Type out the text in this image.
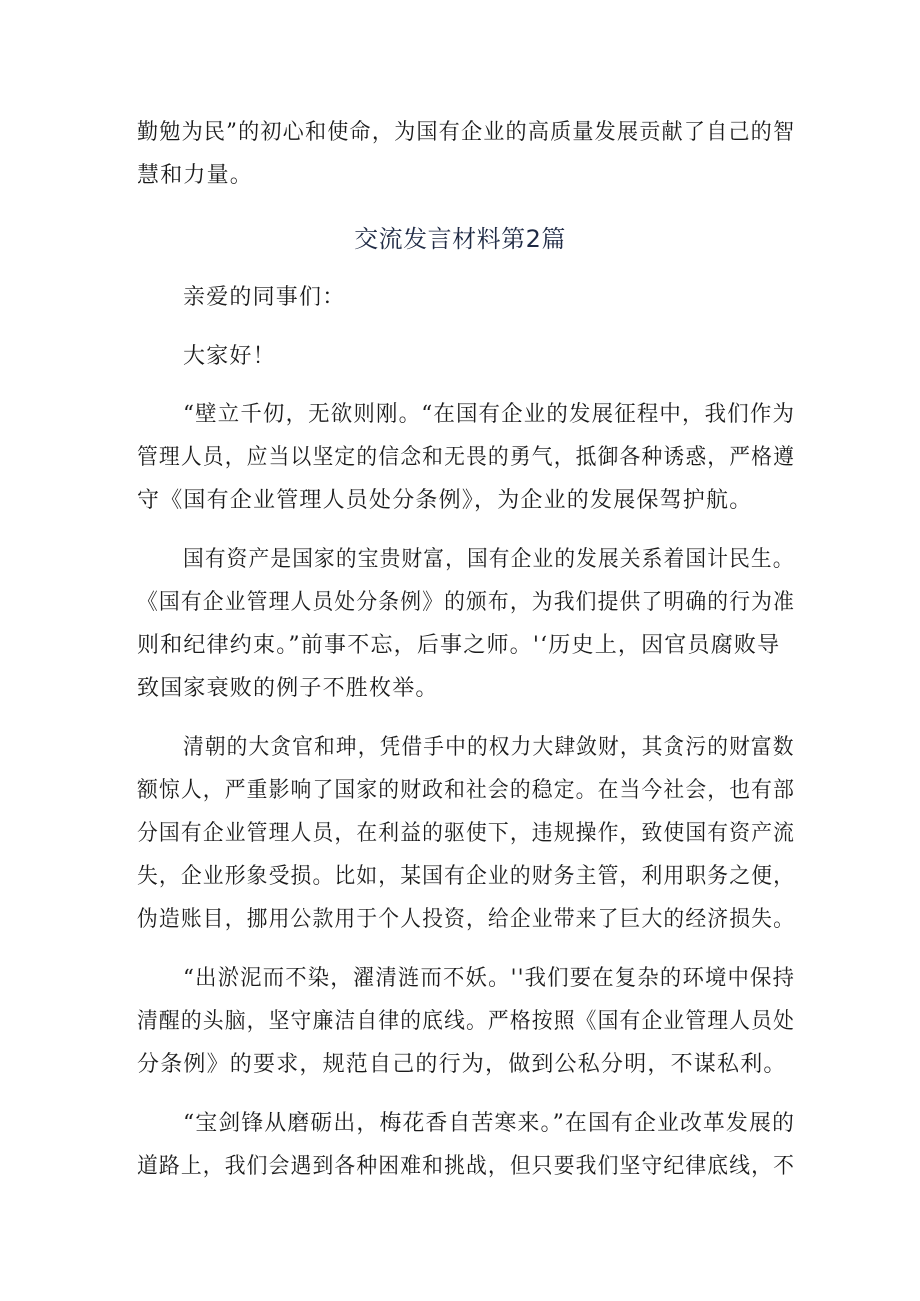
勤勉为民”的初心和使命，为国有企业的高质量发展贡献了自己的智
慧和力量。
交流发言材料第2篇
亲爱的同事们：
大家好！
“壁立千仞，无欲则刚。“在国有企业的发展征程中，我们作为
管理人员，应当以坚定的信念和无畏的勇气，抵御各种诱惑，严格遵
守《国有企业管理人员处分条例》，为企业的发展保驾护航。
国有资产是国家的宝贵财富，国有企业的发展关系着国计民生。
《国有企业管理人员处分条例》的颁布，为我们提供了明确的行为准
则和纪律约束。”前事不忘，后事之师。'‘历史上，因官员腐败导
致国家衰败的例子不胜枚举。
清朝的大贪官和珅，凭借手中的权力大肆敛财，其贪污的财富数
额惊人，严重影响了国家的财政和社会的稳定。在当今社会，也有部
分国有企业管理人员，在利益的驱使下，违规操作，致使国有资产流
失，企业形象受损。比如，某国有企业的财务主管，利用职务之便，
伪造账目，挪用公款用于个人投资，给企业带来了巨大的经济损失。
“出淤泥而不染，濯清涟而不妖。''我们要在复杂的环境中保持
清醒的头脑，坚守廉洁自律的底线。严格按照《国有企业管理人员处
分条例》的要求，规范自己的行为，做到公私分明，不谋私利。
“宝剑锋从磨砺出，梅花香自苦寒来。”在国有企业改革发展的
道路上，我们会遇到各种困难和挑战，但只要我们坚守纪律底线，不
